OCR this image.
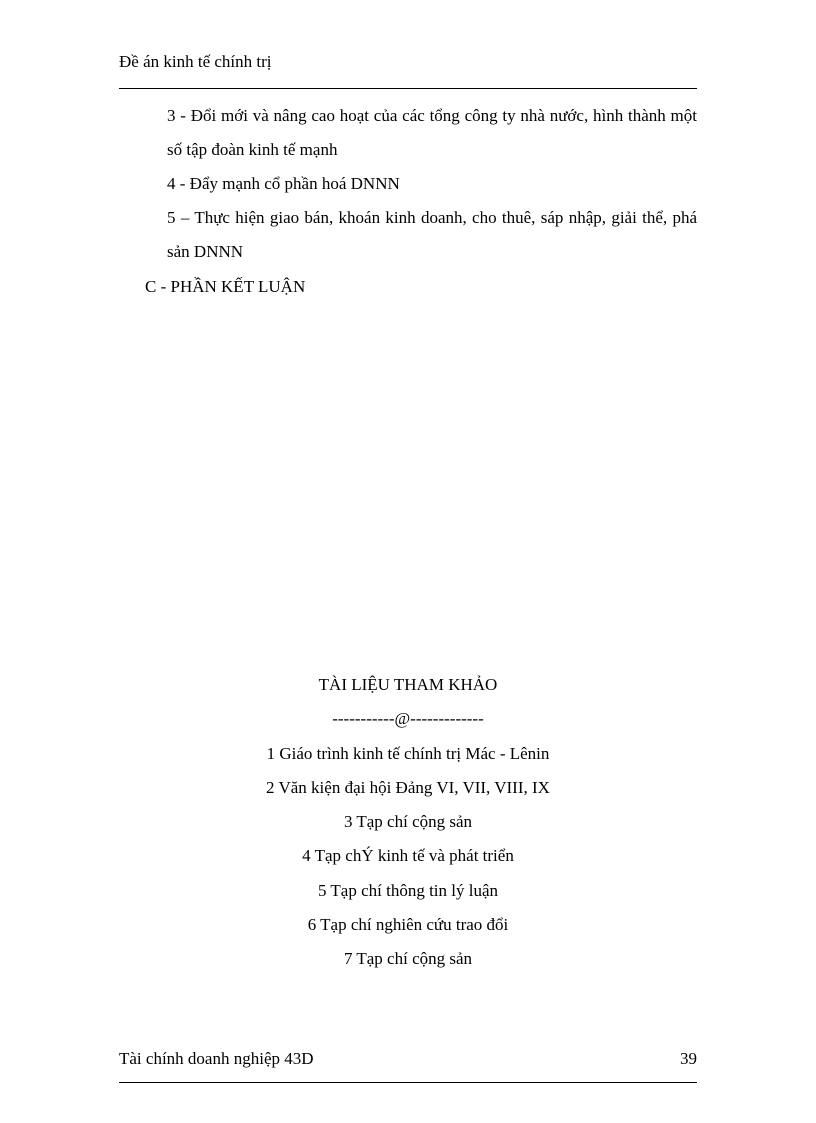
Đề án kinh tế chính trị

3 - Đổi mới và nâng cao hoạt của các tổng công ty nhà nước, hình thành một số tập đoàn kinh tế mạnh

4 - Đẩy mạnh cổ phần hoá DNNN

5 – Thực hiện giao bán, khoán kinh doanh, cho thuê, sáp nhập, giải thể, phá sản DNNN

C - PHẦN KẾT LUẬN
TÀI LIỆU THAM KHẢO
-----------@-------------
1 Giáo trình kinh tế chính trị Mác - Lênin
2 Văn kiện đại hội Đảng VI, VII, VIII, IX
3 Tạp chí cộng sản
4 Tạp chÝ kinh tế và phát triển
5 Tạp chí thông tin lý luận
6 Tạp chí nghiên cứu trao đổi
7 Tạp chí cộng sản
Tài chính doanh nghiệp 43D	39
